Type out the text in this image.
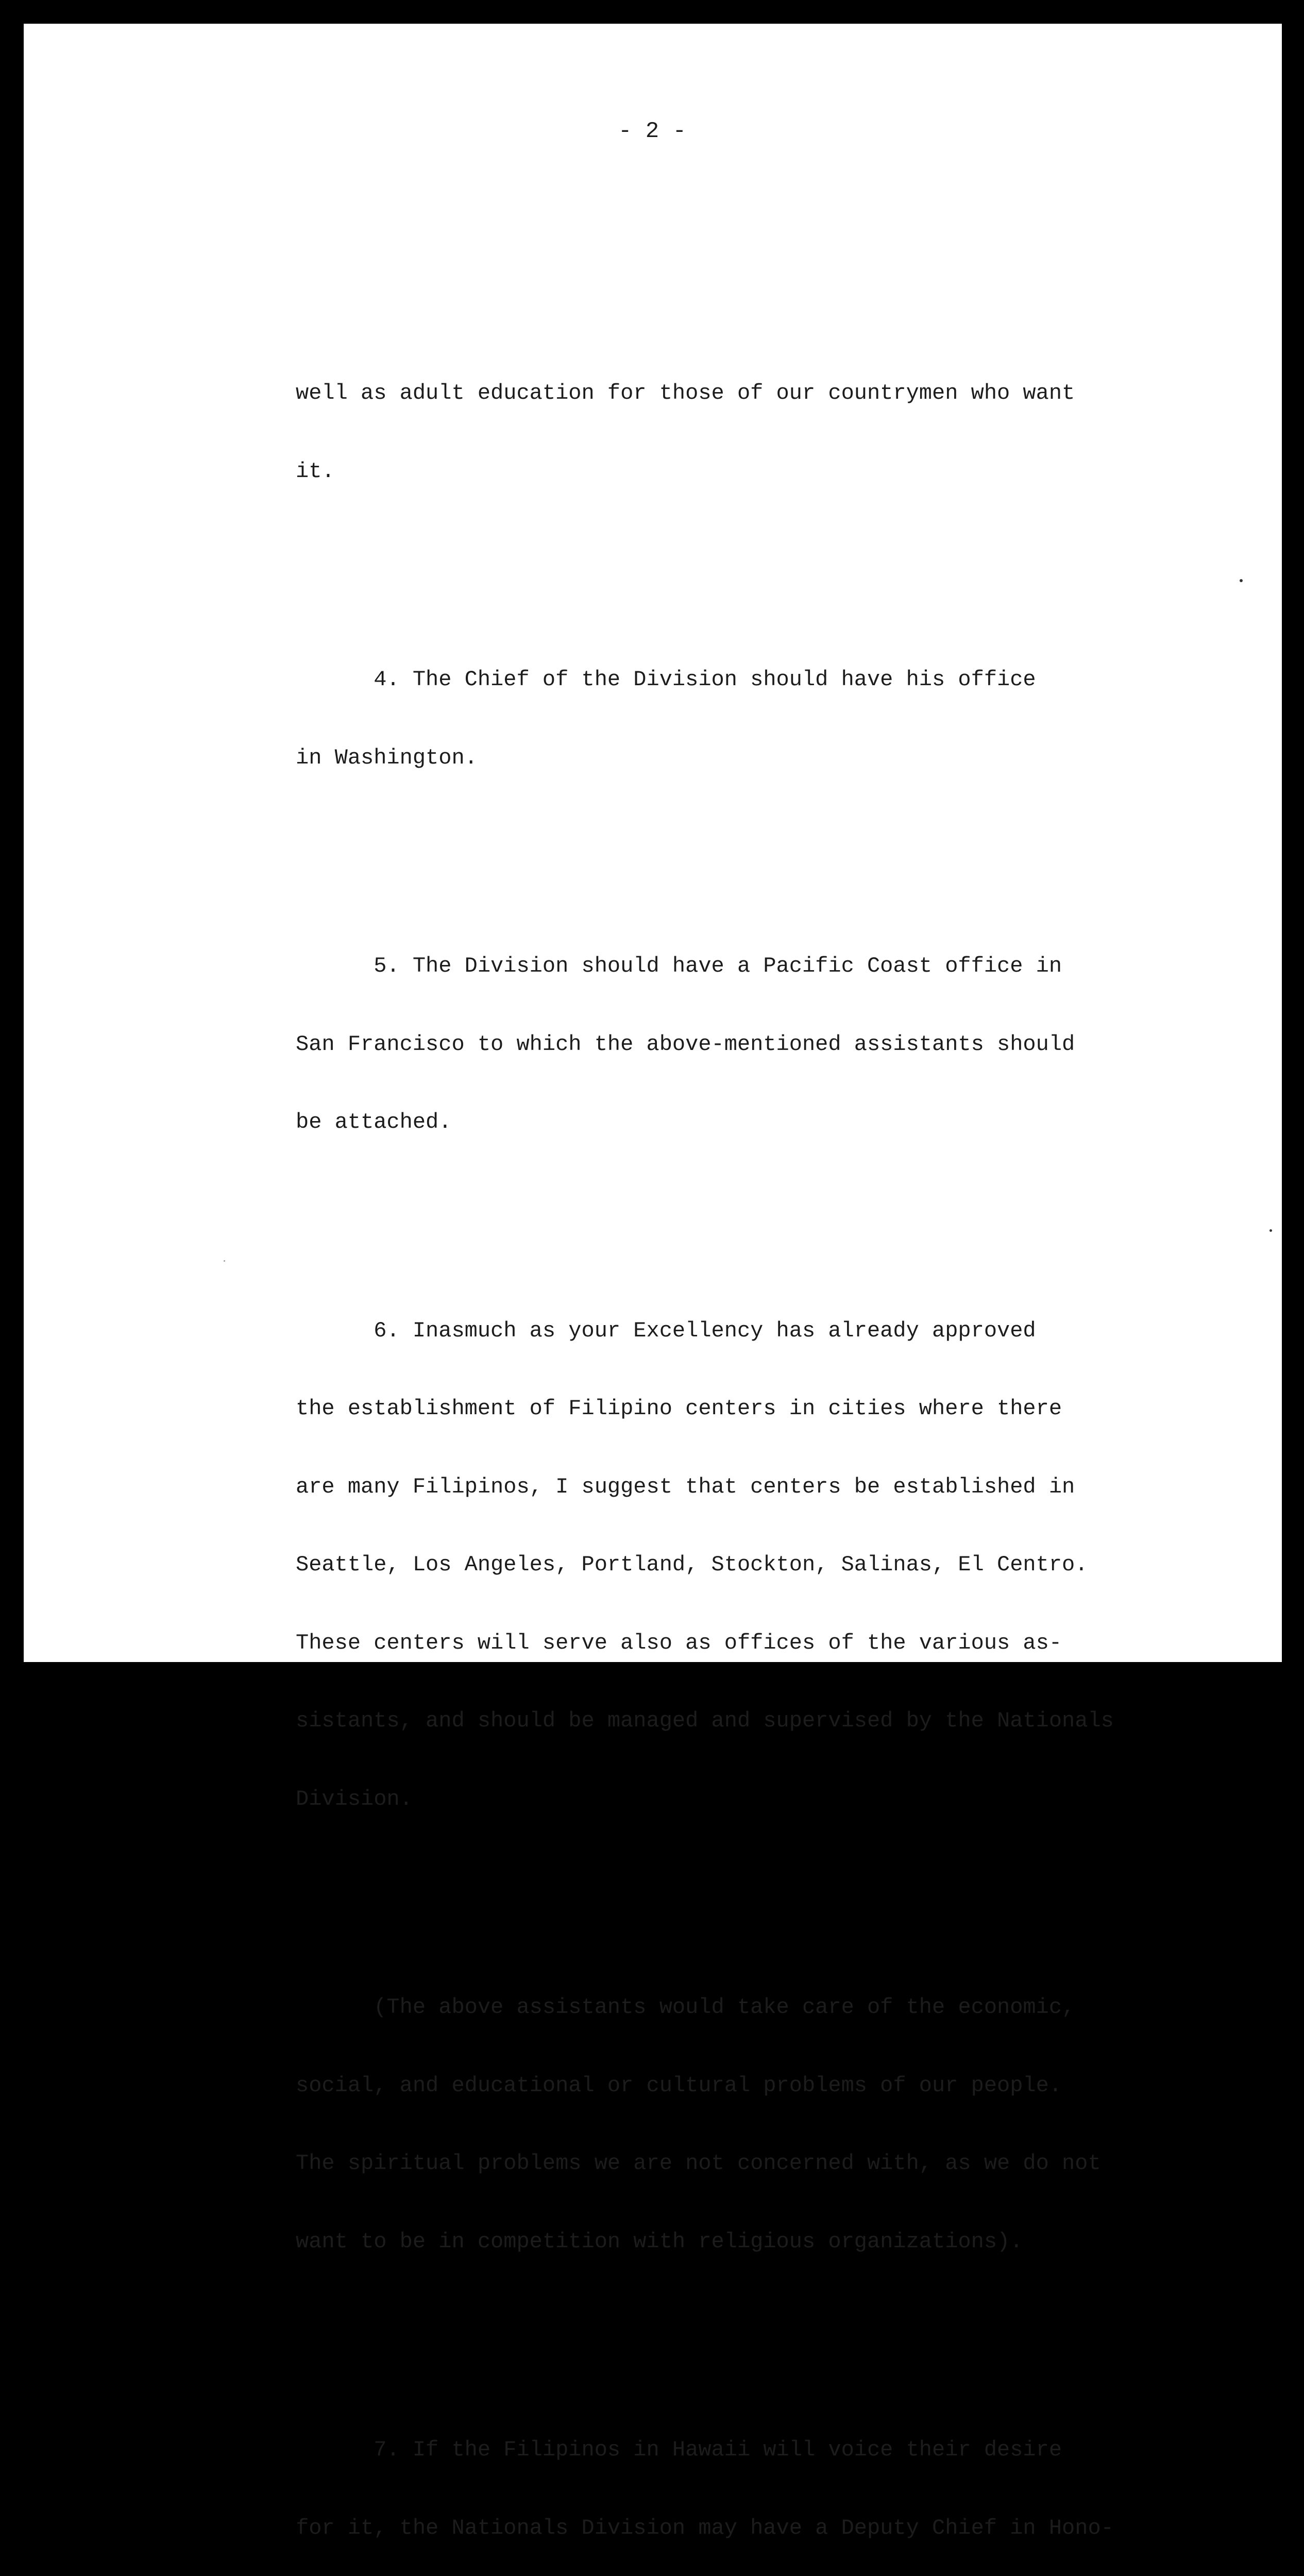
- 2 -

well as adult education for those of our countrymen who want

it.

4. The Chief of the Division should have his office

in Washington.

5. The Division should have a Pacific Coast office in

San Francisco to which the above-mentioned assistants should

be attached.

6. Inasmuch as your Excellency has already approved

the establishment of Filipino centers in cities where there

are many Filipinos, I suggest that centers be established in

Seattle, Los Angeles, Portland, Stockton, Salinas, El Centro.

These centers will serve also as offices of the various as-

sistants, and should be managed and supervised by the Nationals

Division.

(The above assistants would take care of the economic,

social, and educational or cultural problems of our people.

The spiritual problems we are not concerned with, as we do not

want to be in competition with religious organizations).

7. If the Filipinos in Hawaii will voice their desire

for it, the Nationals Division may have a Deputy Chief in Hono-
